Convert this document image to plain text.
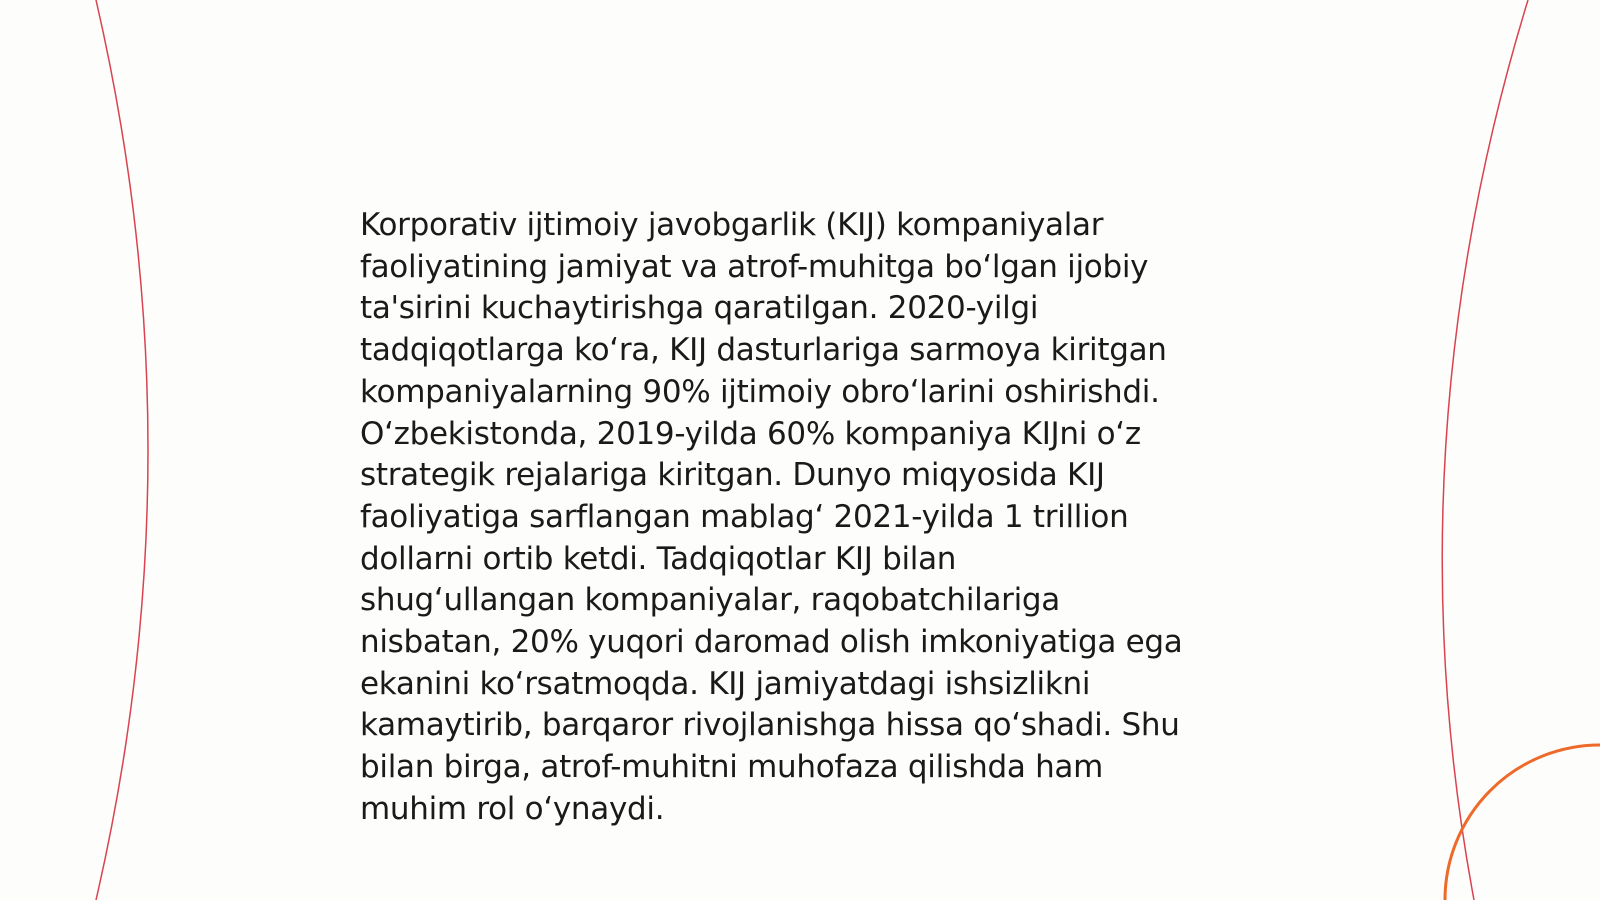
Korporativ ijtimoiy javobgarlik (KIJ) kompaniyalar
faoliyatining jamiyat va atrof-muhitga boʻlgan ijobiy
ta'sirini kuchaytirishga qaratilgan. 2020-yilgi
tadqiqotlarga koʻra, KIJ dasturlariga sarmoya kiritgan
kompaniyalarning 90% ijtimoiy obroʻlarini oshirishdi.
Oʻzbekistonda, 2019-yilda 60% kompaniya KIJni oʻz
strategik rejalariga kiritgan. Dunyo miqyosida KIJ
faoliyatiga sarflangan mablagʻ 2021-yilda 1 trillion
dollarni ortib ketdi. Tadqiqotlar KIJ bilan
shugʻullangan kompaniyalar, raqobatchilariga
nisbatan, 20% yuqori daromad olish imkoniyatiga ega
ekanini koʻrsatmoqda. KIJ jamiyatdagi ishsizlikni
kamaytirib, barqaror rivojlanishga hissa qoʻshadi. Shu
bilan birga, atrof-muhitni muhofaza qilishda ham
muhim rol oʻynaydi.
